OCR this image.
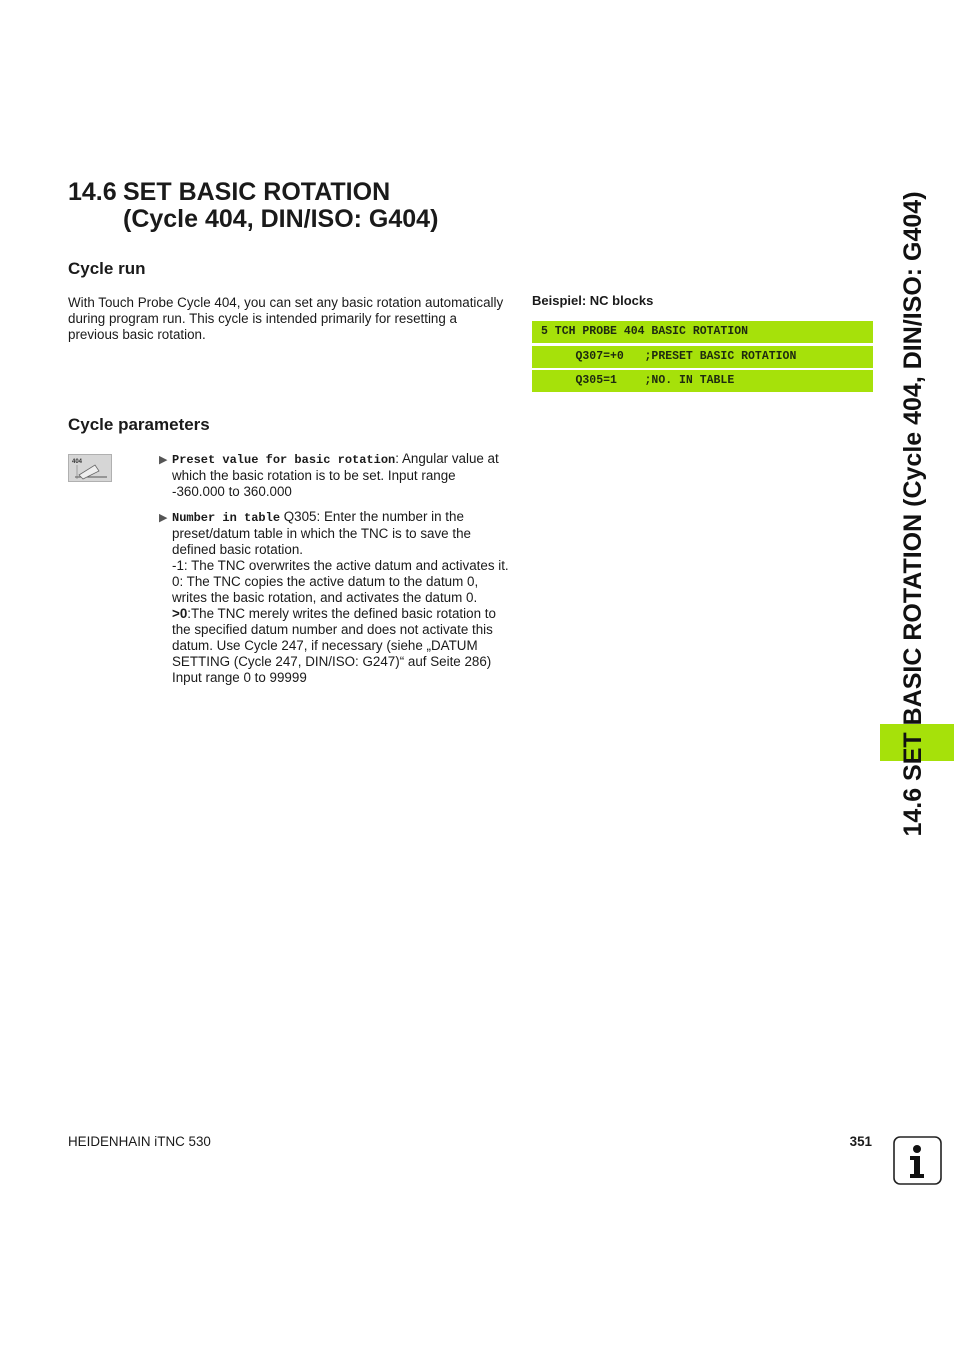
14.6 SET BASIC ROTATION
(Cycle 404, DIN/ISO: G404)
Cycle run
With Touch Probe Cycle 404, you can set any basic rotation automatically during program run. This cycle is intended primarily for resetting a previous basic rotation.
Beispiel: NC blocks
5 TCH PROBE 404 BASIC ROTATION
Q307=+0   ;PRESET BASIC ROTATION
Q305=1    ;NO. IN TABLE
Cycle parameters
404	▶ Preset value for basic rotation: Angular value at which the basic rotation is to be set. Input range -360.000 to 360.000
▶ Number in table Q305: Enter the number in the preset/datum table in which the TNC is to save the defined basic rotation.
-1: The TNC overwrites the active datum and activates it.
0: The TNC copies the active datum to the datum 0, writes the basic rotation, and activates the datum 0.
>0:The TNC merely writes the defined basic rotation to the specified datum number and does not activate this datum. Use Cycle 247, if necessary (siehe „DATUM SETTING (Cycle 247, DIN/ISO: G247)“ auf Seite 286)
Input range 0 to 99999	14.6 SET BASIC ROTATION (Cycle 404, DIN/ISO: G404)
HEIDENHAIN iTNC 530	351
